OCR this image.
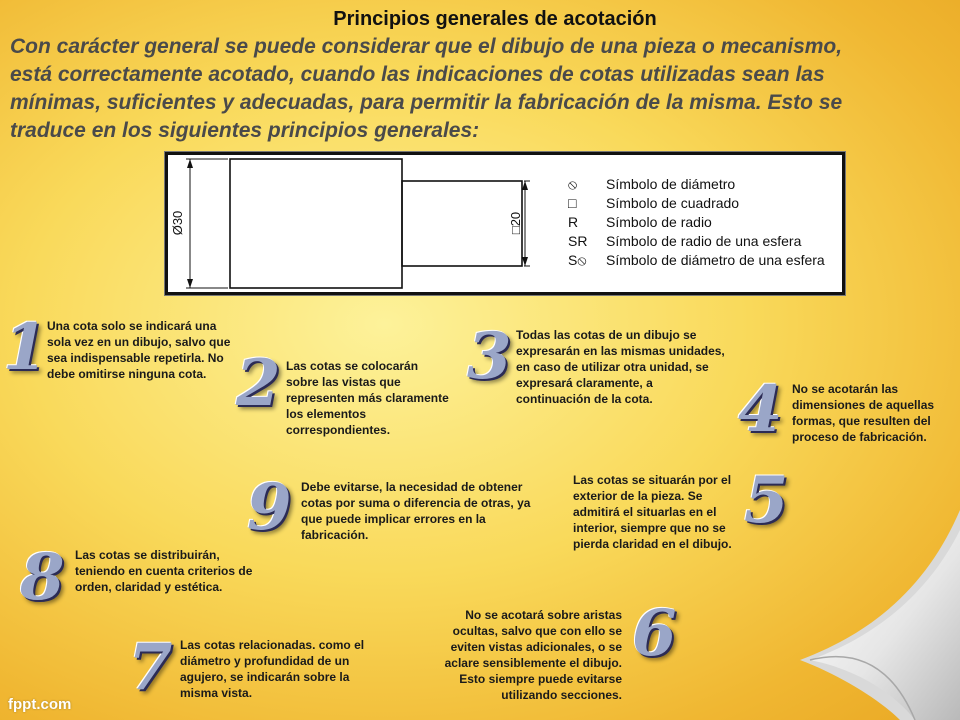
Principios generales de acotación

Con carácter general se puede considerar que el dibujo de una pieza o mecanismo,
está correctamente acotado, cuando las indicaciones de cotas utilizadas sean las
mínimas, suficientes y adecuadas, para permitir la fabricación de la misma. Esto se
traduce en los siguientes principios generales:

Ø30	□20
⦸ Símbolo de diámetro
□ Símbolo de cuadrado
R Símbolo de radio
SR Símbolo de radio de una esfera
S⦸ Símbolo de diámetro de una esfera
1 Una cota solo se indicará una sola vez en un dibujo, salvo que sea indispensable repetirla. No debe omitirse ninguna cota. 2 Las cotas se colocarán sobre las vistas que representen más claramente los elementos correspondientes.

3 Todas las cotas de un dibujo se expresarán en las mismas unidades, en caso de utilizar otra unidad, se expresará claramente, a continuación de la cota.	4 No se acotarán las dimensiones de aquellas formas, que resulten del proceso de fabricación.

5

Las cotas se situarán por el exterior de la pieza. Se admitirá el situarlas en el interior, siempre que no se pierda claridad en el dibujo.

6

No se acotará sobre aristas ocultas, salvo que con ello se eviten vistas adicionales, o se aclare sensiblemente el dibujo. Esto siempre puede evitarse utilizando secciones.

7 Las cotas relacionadas. como el diámetro y profundidad de un agujero, se indicarán sobre la misma vista.

8 Las cotas se distribuirán, teniendo en cuenta criterios de orden, claridad y estética.

9 Debe evitarse, la necesidad de obtener cotas por suma o diferencia de otras, ya que puede implicar errores en la fabricación.

fppt.com
